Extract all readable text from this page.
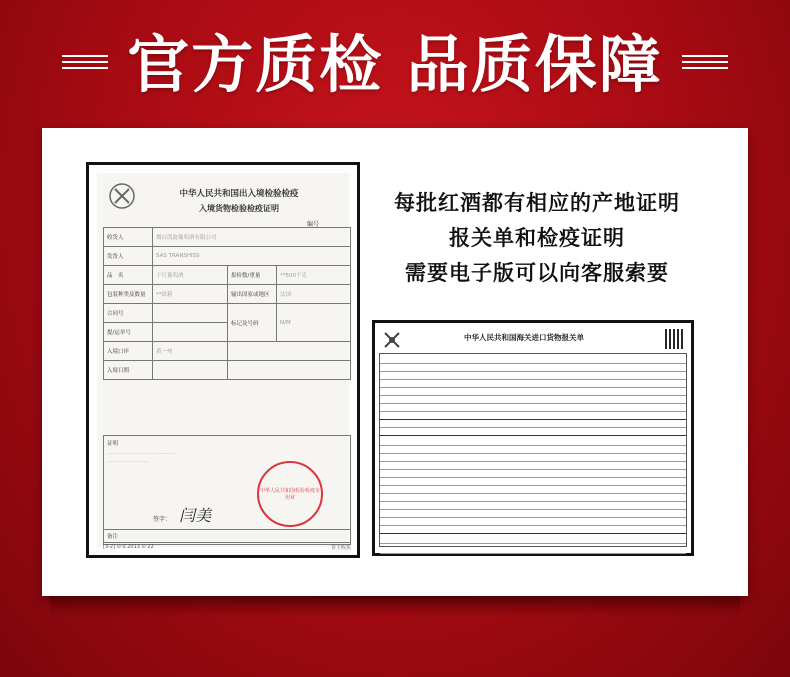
官方质检 品质保障
中华人民共和国出入境检验检疫
入境货物检验检疫证明
编号
收货人	烟台凯旋葡萄酒有限公司		
发货人	SAS TRANSHISS		
品　名	干红葡萄酒	报检数/重量	**500千克
包装种类及数量	**纸箱	输出国家或地区	法国
合同号		标记及号码	N/M
提/运单号			
入境口岸	黄一州		
入境日期			
证明
············································
··························
中华人民共和国检验检疫专用章
签字： 闫美
备注
[3-2] ⊙ 0.2013 ⊙ 22	货主收执

每批红酒都有相应的产地证明

报关单和检疫证明

需要电子版可以向客服索要

中华人民共和国海关进口货物报关单
